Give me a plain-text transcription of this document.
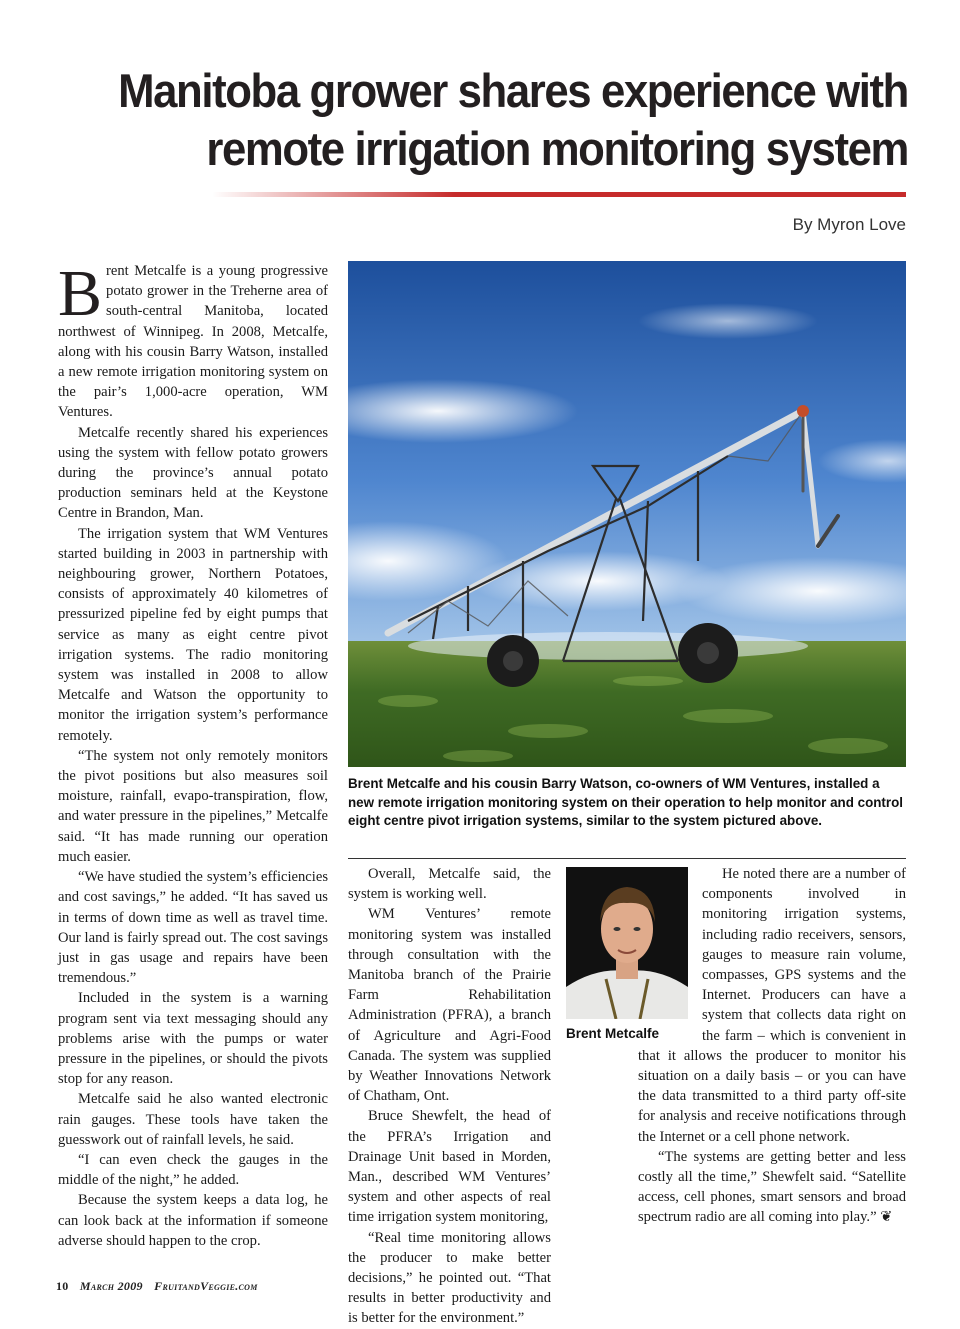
Manitoba grower shares experience with
remote irrigation monitoring system
By Myron Love

Brent Metcalfe is a young progressive potato grower in the Treherne area of south-central Manitoba, located northwest of Winnipeg. In 2008, Metcalfe, along with his cousin Barry Watson, installed a new remote irrigation monitoring system on the pair’s 1,000-acre operation, WM Ventures.

Metcalfe recently shared his experiences using the system with fellow potato growers during the province’s annual potato production seminars held at the Keystone Centre in Brandon, Man.

The irrigation system that WM Ventures started building in 2003 in partnership with neighbouring grower, Northern Potatoes, consists of approximately 40 kilometres of pressurized pipeline fed by eight pumps that service as many as eight centre pivot irrigation systems. The radio monitoring system was installed in 2008 to allow Metcalfe and Watson the opportunity to monitor the irrigation system’s performance remotely.

“The system not only remotely monitors the pivot positions but also measures soil moisture, rainfall, evapo-transpiration, flow, and water pressure in the pipelines,” Metcalfe said. “It has made running our operation much easier.

“We have studied the system’s efficiencies and cost savings,” he added. “It has saved us in terms of down time as well as travel time. Our land is fairly spread out. The cost savings just in gas usage and repairs have been tremendous.”

Included in the system is a warning program sent via text messaging should any problems arise with the pumps or water pressure in the pipelines, or should the pivots stop for any reason.

Metcalfe said he also wanted electronic rain gauges. These tools have taken the guesswork out of rainfall levels, he said.

“I can even check the gauges in the middle of the night,” he added.

Because the system keeps a data log, he can look back at the information if someone adverse should happen to the crop.

Brent Metcalfe and his cousin Barry Watson, co-owners of WM Ventures, installed a new remote irrigation monitoring system on their operation to help monitor and control eight centre pivot irrigation systems, similar to the system pictured above.

Overall, Metcalfe said, the system is working well.

WM Ventures’ remote monitoring system was installed through consultation with the Manitoba branch of the Prairie Farm Rehabilitation Administration (PFRA), a branch of Agriculture and Agri-Food Canada. The system was supplied by Weather Innovations Network of Chatham, Ont.

Bruce Shewfelt, the head of the PFRA’s Irrigation and Drainage Unit based in Morden, Man., described WM Ventures’ system and other aspects of real time irrigation system monitoring,

“Real time monitoring allows the producer to make better decisions,” he pointed out. “That results in better productivity and is better for the environment.”

Brent Metcalfe

He noted there are a number of components involved in monitoring irrigation systems, including radio receivers, sensors, gauges to measure rain volume, compasses, GPS systems and the Internet. Producers can have a system that collects data right on the farm – which is convenient in that it allows the producer to monitor his situation on a daily basis – or you can have the data transmitted to a third party off-site for analysis and receive notifications through the Internet or a cell phone network.

“The systems are getting better and less costly all the time,” Shewfelt said. “Satellite access, cell phones, smart sensors and broad spectrum radio are all coming into play.” ❦

10 March 2009 FruitandVeggie.com
